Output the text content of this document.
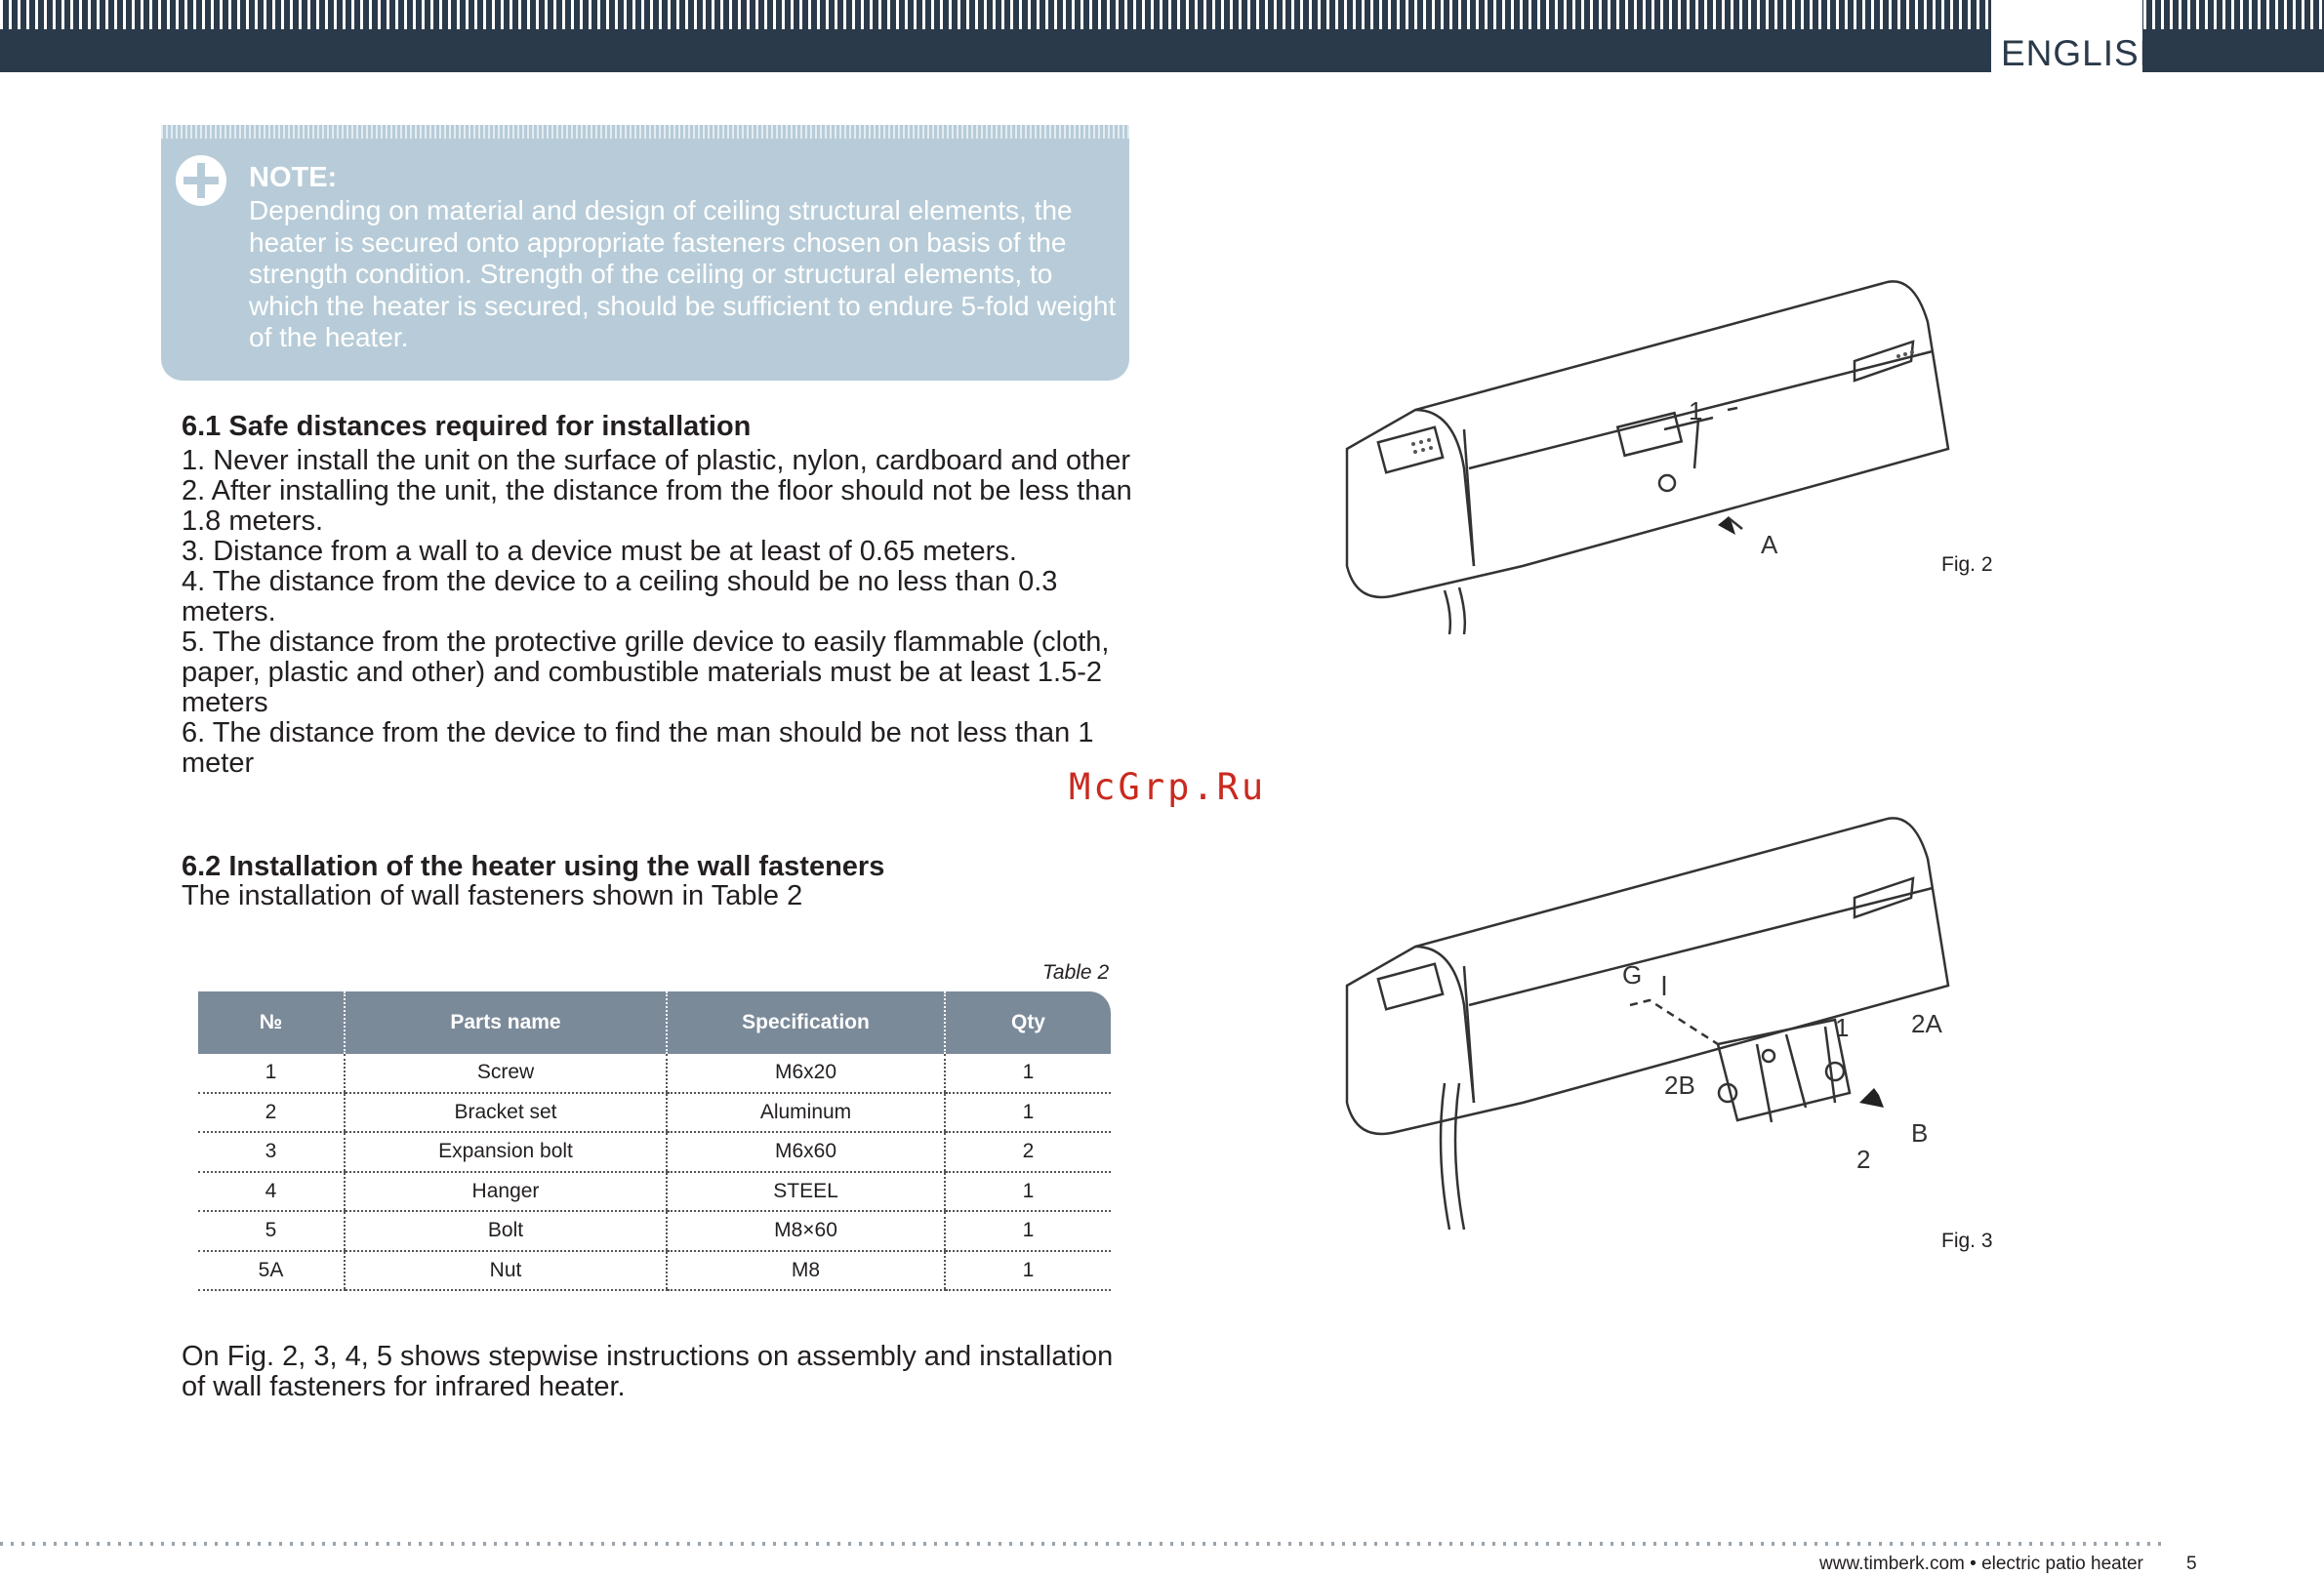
ENGLISH
NOTE:
Depending on material and design of ceiling structural elements, the heater is secured onto appropriate fasteners chosen on basis of the strength condition. Strength of the ceiling or structural elements, to which the heater is secured, should be sufficient to endure 5-fold weight of the heater.
6.1 Safe distances required for installation
1. Never install the unit on the surface of plastic, nylon, cardboard and other
2. After installing the unit, the distance from the floor should not be less than 1.8 meters.
3. Distance from a wall to a device must be at least of 0.65 meters.
4. The distance from the device to a ceiling should be no less than 0.3 meters.
5. The distance from the protective grille device to easily flammable (cloth, paper, plastic and other) and combustible materials must be at least 1.5-2 meters
6. The distance from the device to find the man should be not less than 1 meter
6.2 Installation of the heater using the wall fasteners
The installation of wall fasteners shown in Table 2
Table 2
№	Parts name	Specification	Qty
1	Screw	M6x20	1
2	Bracket set	Aluminum	1
3	Expansion bolt	M6x60	2
4	Hanger	STEEL	1
5	Bolt	M8×60	1
5A	Nut	M8	1
On Fig. 2, 3, 4, 5 shows stepwise instructions on assembly and installation of wall fasteners for infrared heater.
1
A
Fig. 2
G
1 2A
2B
2
B
Fig. 3
McGrp.Ru
www.timberk.com • electric patio heater 5
